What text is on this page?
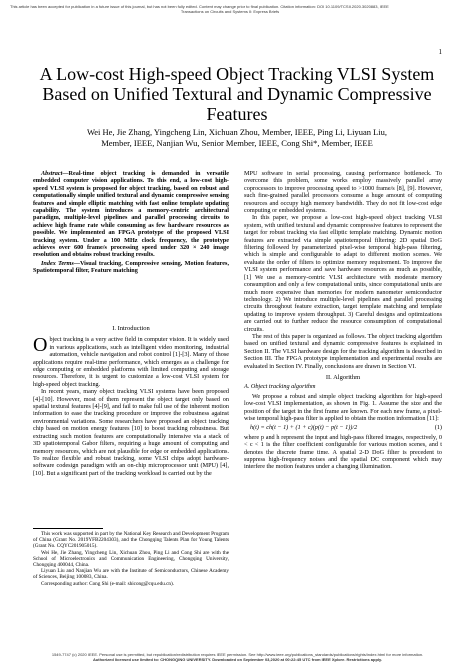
This article has been accepted for publication in a future issue of this journal, but has not been fully edited. Content may change prior to final publication. Citation information: DOI 10.1109/TCSII.2020.3020883, IEEE
Transactions on Circuits and Systems II: Express Briefs
1
A Low-cost High-speed Object Tracking VLSI System Based on Unified Textural and Dynamic Compressive Features
Wei He, Jie Zhang, Yingcheng Lin, Xichuan Zhou, Member, IEEE, Ping Li, Liyuan Liu,
Member, IEEE, Nanjian Wu, Senior Member, IEEE, Cong Shi*, Member, IEEE

Abstract—Real-time object tracking is demanded in versatile embedded computer vision applications. To this end, a low-cost high-speed VLSI system is proposed for object tracking, based on robust and computationally simple unified textural and dynamic compressive sensing features and simple elliptic matching with fast online template updating capability. The system introduces a memory-centric architectural paradigm, multiple-level pipelines and parallel processing circuits to achieve high frame rate while consuming as few hardware resources as possible. We implemented an FPGA prototype of the proposed VLSI tracking system. Under a 100 MHz clock frequency, the prototype achieves over 600 frame/s processing speed under 320 × 240 image resolution and obtains robust tracking results.

Index Terms—Visual tracking, Compressive sensing, Motion features, Spatiotemporal filter, Feature matching

I. Introduction

Object tracking is a very active field in computer vision. It is widely used in various applications, such as intelligent video monitoring, industrial automation, vehicle navigation and robot control [1]-[3]. Many of those applications require real-time performance, which emerges as a challenge for edge computing or embedded platforms with limited computing and storage resources. Therefore, it is urgent to customize a low-cost VLSI system for high-speed object tracking.

In recent years, many object tracking VLSI systems have been proposed [4]-[10]. However, most of them represent the object target only based on spatial textural features [4]-[9], and fail to make full use of the inherent motion information to ease the tracking procedure or improve the robustness against environmental variations. Some researchers have proposed an object tracking chip based on motion energy features [10] to boost tracking robustness. But extracting such motion features are computationally intensive via a stack of 3D spatiotemporal Gabor filters, requiring a huge amount of computing and memory resources, which are not plausible for edge or embedded applications. To realize flexible and robust tracking, some VLSI chips adopt hardware-software codesign paradigm with an on-chip microprocessor unit (MPU) [4], [10]. But a significant part of the tracking workload is carried out by the

This work was supported in part by the National Key Research and Development Program of China (Grant No. 2019YFB2204303), and the Chongqing Talents Plan for Young Talents (Grant No. CQYC201905015).

Wei He, Jie Zhang, Yingcheng Lin, Xichuan Zhou, Ping Li and Cong Shi are with the School of Microelectronics and Communication Engineering, Chongqing University, Chongqing 400044, China.

Liyuan Liu and Nanjian Wu are with the Institute of Semiconductors, Chinese Academy of Sciences, Beijing 100083, China.

Corresponding author: Cong Shi (e-mail: shicong@cqu.edu.cn).

MPU software in serial processing, causing performance bottleneck. To overcome this problem, some works employ massively parallel array coprocessors to improve processing speed to >1000 frame/s [8], [9]. However, such fine-grained parallel processors consume a huge amount of computing resources and occupy high memory bandwidth. They do not fit low-cost edge computing or embedded systems.

In this paper, we propose a low-cost high-speed object tracking VLSI system, with unified textural and dynamic compressive features to represent the target for robust tracking via fast elliptic template matching. Dynamic motion features are extracted via simple spatiotemporal filtering: 2D spatial DoG filtering followed by parameterized pixel-wise temporal high-pass filtering, which is simple and configurable to adapt to different motion scenes. We evaluate the order of filters to optimize memory requirement. To improve the VLSI system performance and save hardware resources as much as possible, [1] We use a memory-centric VLSI architecture with moderate memory consumption and only a few computational units, since computational units are much more expensive than memories for modern nanometer semiconductor technology. 2) We introduce multiple-level pipelines and parallel processing circuits throughout feature extraction, target template matching and template updating to improve system throughput. 3) Careful designs and optimizations are carried out to further reduce the resource consumption of computational circuits.

The rest of this paper is organized as follows. The object tracking algorithm based on unified textural and dynamic compressive features is explained in Section II. The VLSI hardware design for the tracking algorithm is described in Section III. The FPGA prototype implementation and experimental results are evaluated in Section IV. Finally, conclusions are drawn in Section VI.

II. Algorithm
A. Object tracking algorithm

We propose a robust and simple object tracking algorithm for high-speed low-cost VLSI implementation, as shown in Fig. 1. Assume the size and the position of the target in the first frame are known. For each new frame, a pixel-wise temporal high-pass filter is applied to obtain the motion information [11]:

h(t) = ch(t − 1) + (1 + c)(p(t) − p(t − 1))/2	(1)

where p and h represent the input and high-pass filtered images, respectively, 0 < c < 1 is the filter coefficient configurable for various motion scenes, and t denotes the discrete frame time. A spatial 2-D DoG filter is precedent to suppress high-frequency noises and the spatial DC component which may interfere the motion features under a changing illumination.

1549-7747 (c) 2020 IEEE. Personal use is permitted, but republication/redistribution requires IEEE permission. See http://www.ieee.org/publications_standards/publications/rights/index.html for more information.
Authorized licensed use limited to: CHONGQING UNIVERSITY. Downloaded on September 03,2020 at 00:22:45 UTC from IEEE Xplore. Restrictions apply.
